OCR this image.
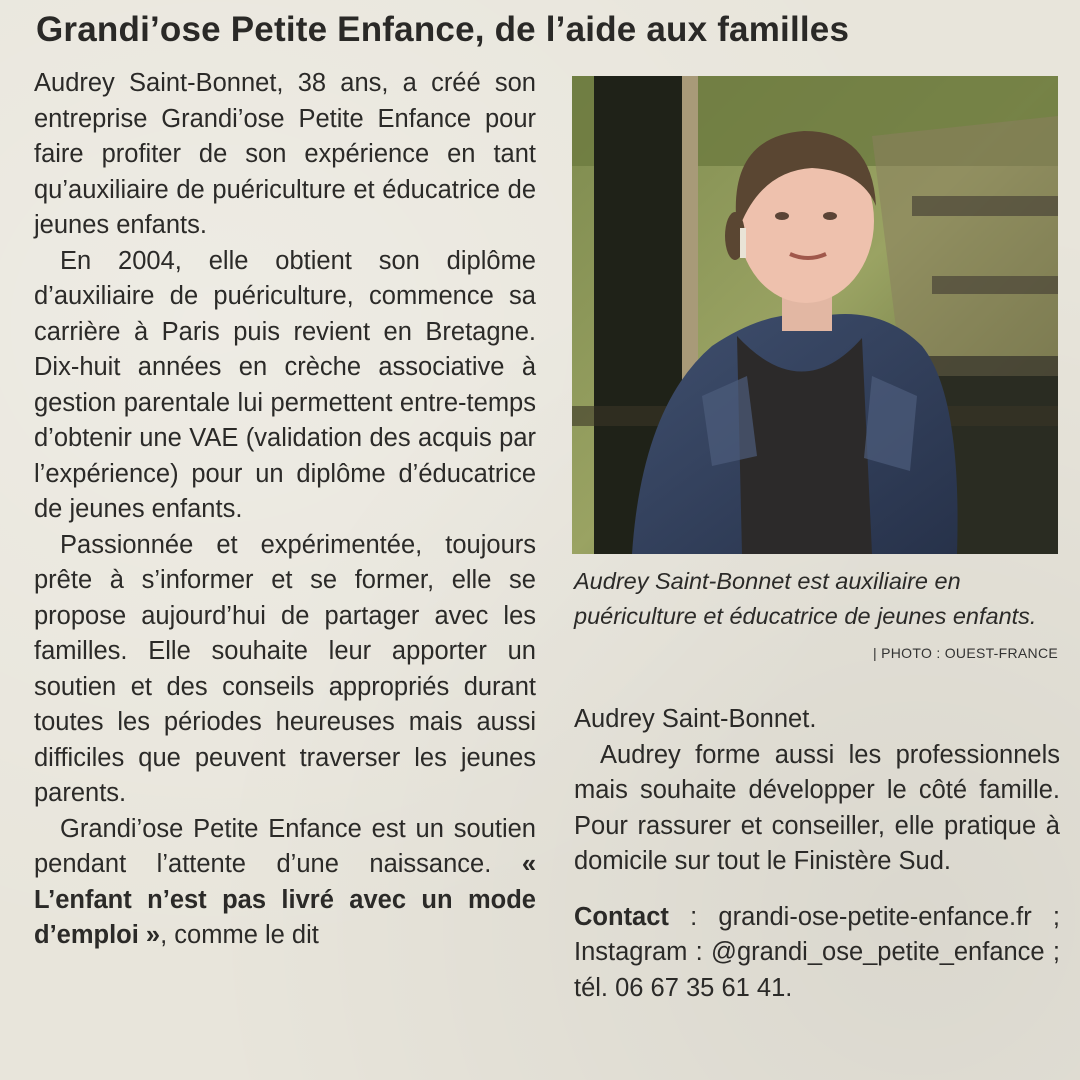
Grandi’ose Petite Enfance, de l’aide aux familles

Audrey Saint-Bonnet, 38 ans, a créé son entreprise Grandi’ose Petite Enfance pour faire profiter de son expérience en tant qu’auxiliaire de puériculture et éducatrice de jeunes enfants.

En 2004, elle obtient son diplôme d’auxiliaire de puériculture, commence sa carrière à Paris puis revient en Bretagne. Dix-huit années en crèche associative à gestion parentale lui permettent entre-temps d’obtenir une VAE (validation des acquis par l’expérience) pour un diplôme d’éducatrice de jeunes enfants.

Passionnée et expérimentée, toujours prête à s’informer et se former, elle se propose aujourd’hui de partager avec les familles. Elle souhaite leur apporter un soutien et des conseils appropriés durant toutes les périodes heureuses mais aussi difficiles que peuvent traverser les jeunes parents.

Grandi’ose Petite Enfance est un soutien pendant l’attente d’une naissance. « L’enfant n’est pas livré avec un mode d’emploi », comme le dit

Audrey Saint-Bonnet est auxiliaire en puériculture et éducatrice de jeunes enfants.
| PHOTO : OUEST-FRANCE

Audrey Saint-Bonnet.

Audrey forme aussi les professionnels mais souhaite développer le côté famille. Pour rassurer et conseiller, elle pratique à domicile sur tout le Finistère Sud.

Contact : grandi-ose-petite-enfance.fr ; Instagram : @grandi_ose_petite_enfance ; tél. 06 67 35 61 41.
